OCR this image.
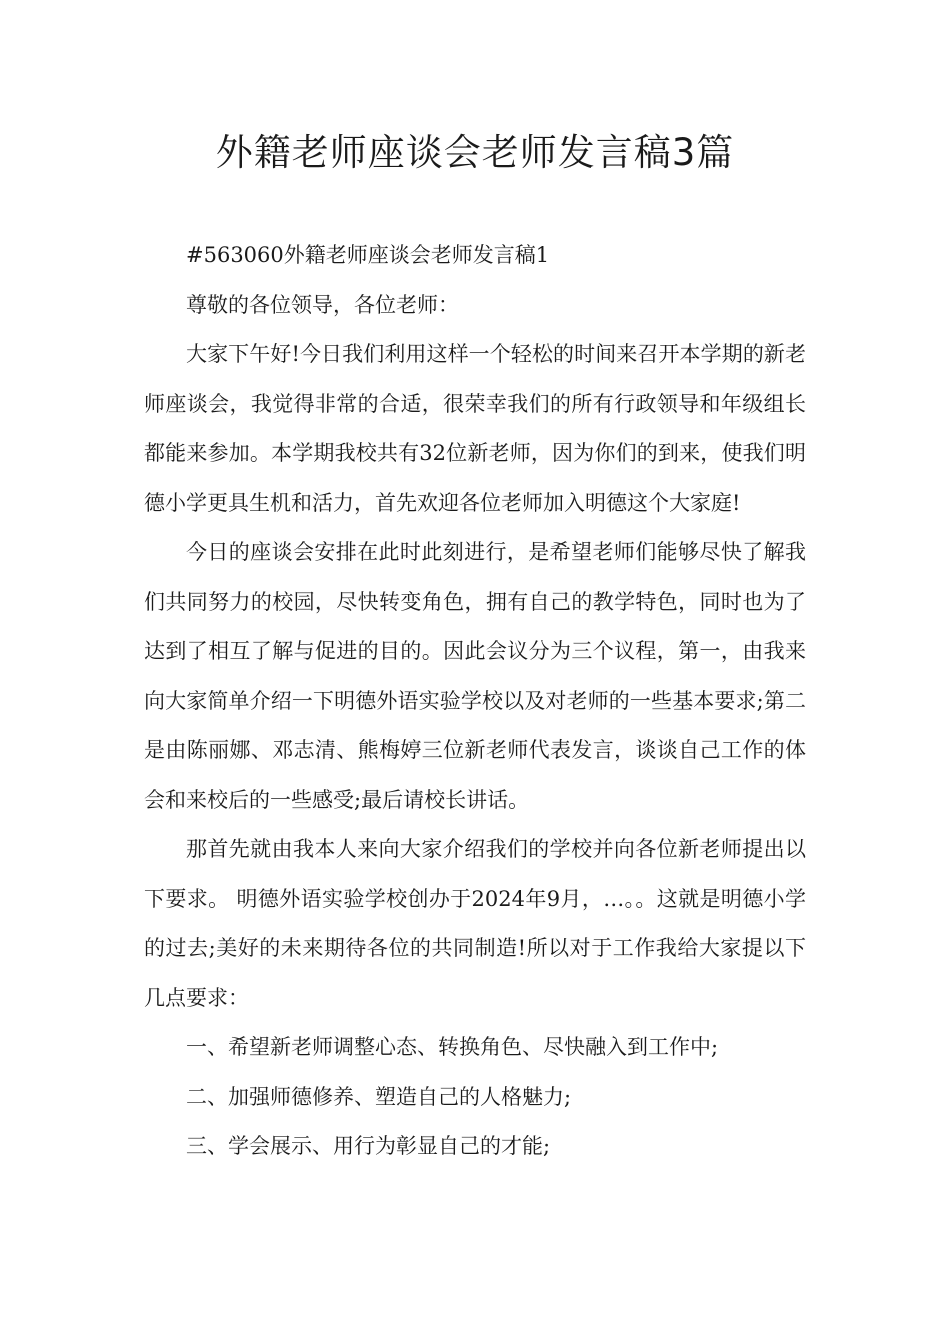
外籍老师座谈会老师发言稿3篇

#563060外籍老师座谈会老师发言稿1

尊敬的各位领导，各位老师：

大家下午好!今日我们利用这样一个轻松的时间来召开本学期的新老师座谈会，我觉得非常的合适，很荣幸我们的所有行政领导和年级组长都能来参加。本学期我校共有32位新老师，因为你们的到来，使我们明德小学更具生机和活力，首先欢迎各位老师加入明德这个大家庭!

今日的座谈会安排在此时此刻进行，是希望老师们能够尽快了解我们共同努力的校园，尽快转变角色，拥有自己的教学特色，同时也为了达到了相互了解与促进的目的。因此会议分为三个议程，第一，由我来向大家简单介绍一下明德外语实验学校以及对老师的一些基本要求;第二是由陈丽娜、邓志清、熊梅婷三位新老师代表发言，谈谈自己工作的体会和来校后的一些感受;最后请校长讲话。

那首先就由我本人来向大家介绍我们的学校并向各位新老师提出以下要求。 明德外语实验学校创办于2024年9月，…。。这就是明德小学的过去;美好的未来期待各位的共同制造!所以对于工作我给大家提以下几点要求：

一、希望新老师调整心态、转换角色、尽快融入到工作中;

二、加强师德修养、塑造自己的人格魅力;

三、学会展示、用行为彰显自己的才能;
